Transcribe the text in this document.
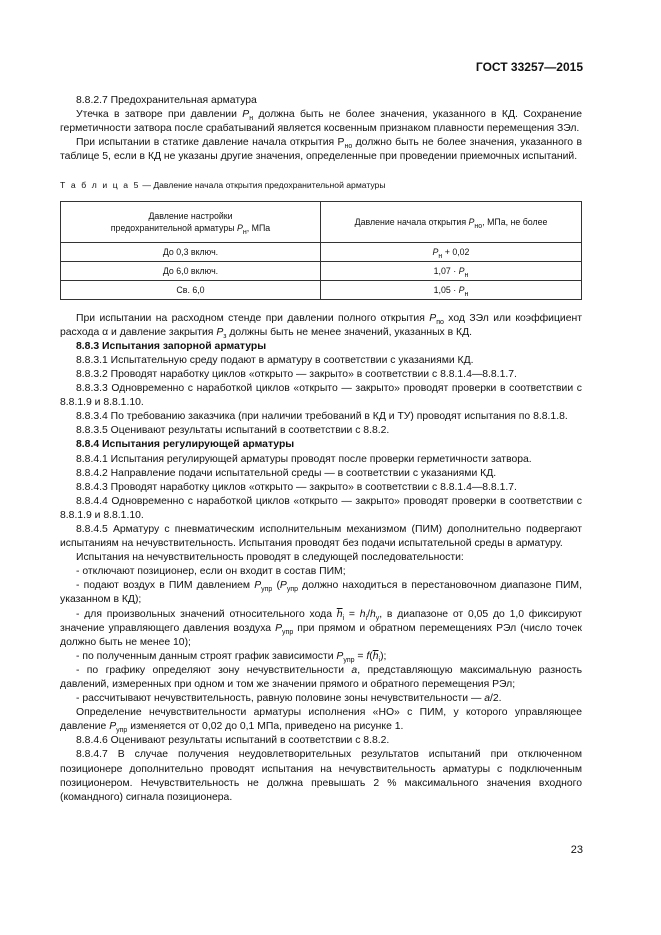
ГОСТ 33257—2015

8.8.2.7 Предохранительная арматура

Утечка в затворе при давлении $P_н$ должна быть не более значения, указанного в КД. Сохранение герметичности затвора после срабатываний является косвенным признаком плавности перемещения ЗЭл.

При испытании в статике давление начала открытия $Р_{но}$ должно быть не более значения, указанного в таблице 5, если в КД не указаны другие значения, определенные при проведении приемочных испытаний.

Т а б л и ц а 5 — Давление начала открытия предохранительной арматуры

Давление настройки
предохранительной арматуры $P_н$, МПа	Давление начала открытия $P_{но}$, МПа, не более
До 0,3 включ.	$P_н + 0,02$
До 6,0 включ.	$1,07 \cdot P_н$
Св. 6,0	$1,05 \cdot P_н$

При испытании на расходном стенде при давлении полного открытия $P_{по}$ ход ЗЭл или коэффициент расхода α и давление закрытия $P_з$ должны быть не менее значений, указанных в КД.

8.8.3 Испытания запорной арматуры

8.8.3.1 Испытательную среду подают в арматуру в соответствии с указаниями КД.

8.8.3.2 Проводят наработку циклов «открыто — закрыто» в соответствии с 8.8.1.4—8.8.1.7.

8.8.3.3 Одновременно с наработкой циклов «открыто — закрыто» проводят проверки в соответствии с 8.8.1.9 и 8.8.1.10.

8.8.3.4 По требованию заказчика (при наличии требований в КД и ТУ) проводят испытания по 8.8.1.8.

8.8.3.5 Оценивают результаты испытаний в соответствии с 8.8.2.

8.8.4 Испытания регулирующей арматуры

8.8.4.1 Испытания регулирующей арматуры проводят после проверки герметичности затвора.

8.8.4.2 Направление подачи испытательной среды — в соответствии с указаниями КД.

8.8.4.3 Проводят наработку циклов «открыто — закрыто» в соответствии с 8.8.1.4—8.8.1.7.

8.8.4.4 Одновременно с наработкой циклов «открыто — закрыто» проводят проверки в соответствии с 8.8.1.9 и 8.8.1.10.

8.8.4.5 Арматуру с пневматическим исполнительным механизмом (ПИМ) дополнительно подвергают испытаниям на нечувствительность. Испытания проводят без подачи испытательной среды в арматуру.

Испытания на нечувствительность проводят в следующей последовательности:

- отключают позиционер, если он входит в состав ПИМ;

- подают воздух в ПИМ давлением $P_{упр}$ ($P_{упр}$ должно находиться в перестановочном диапазоне ПИМ, указанном в КД);

- для произвольных значений относительного хода $\overline{h}_i = h_i/h_у$, в диапазоне от 0,05 до 1,0 фиксируют значение управляющего давления воздуха $P_{упр}$ при прямом и обратном перемещениях РЭл (число точек должно быть не менее 10);

- по полученным данным строят график зависимости $P_{упр} = f(\overline{h}_i)$;

- по графику определяют зону нечувствительности a, представляющую максимальную разность давлений, измеренных при одном и том же значении прямого и обратного перемещения РЭл;

- рассчитывают нечувствительность, равную половине зоны нечувствительности — a/2.

Определение нечувствительности арматуры исполнения «НО» с ПИМ, у которого управляющее давление $P_{упр}$ изменяется от 0,02 до 0,1 МПа, приведено на рисунке 1.

8.8.4.6 Оценивают результаты испытаний в соответствии с 8.8.2.

8.8.4.7 В случае получения неудовлетворительных результатов испытаний при отключенном позиционере дополнительно проводят испытания на нечувствительность арматуры с подключенным позиционером. Нечувствительность не должна превышать 2 % максимального значения входного (командного) сигнала позиционера.

23
